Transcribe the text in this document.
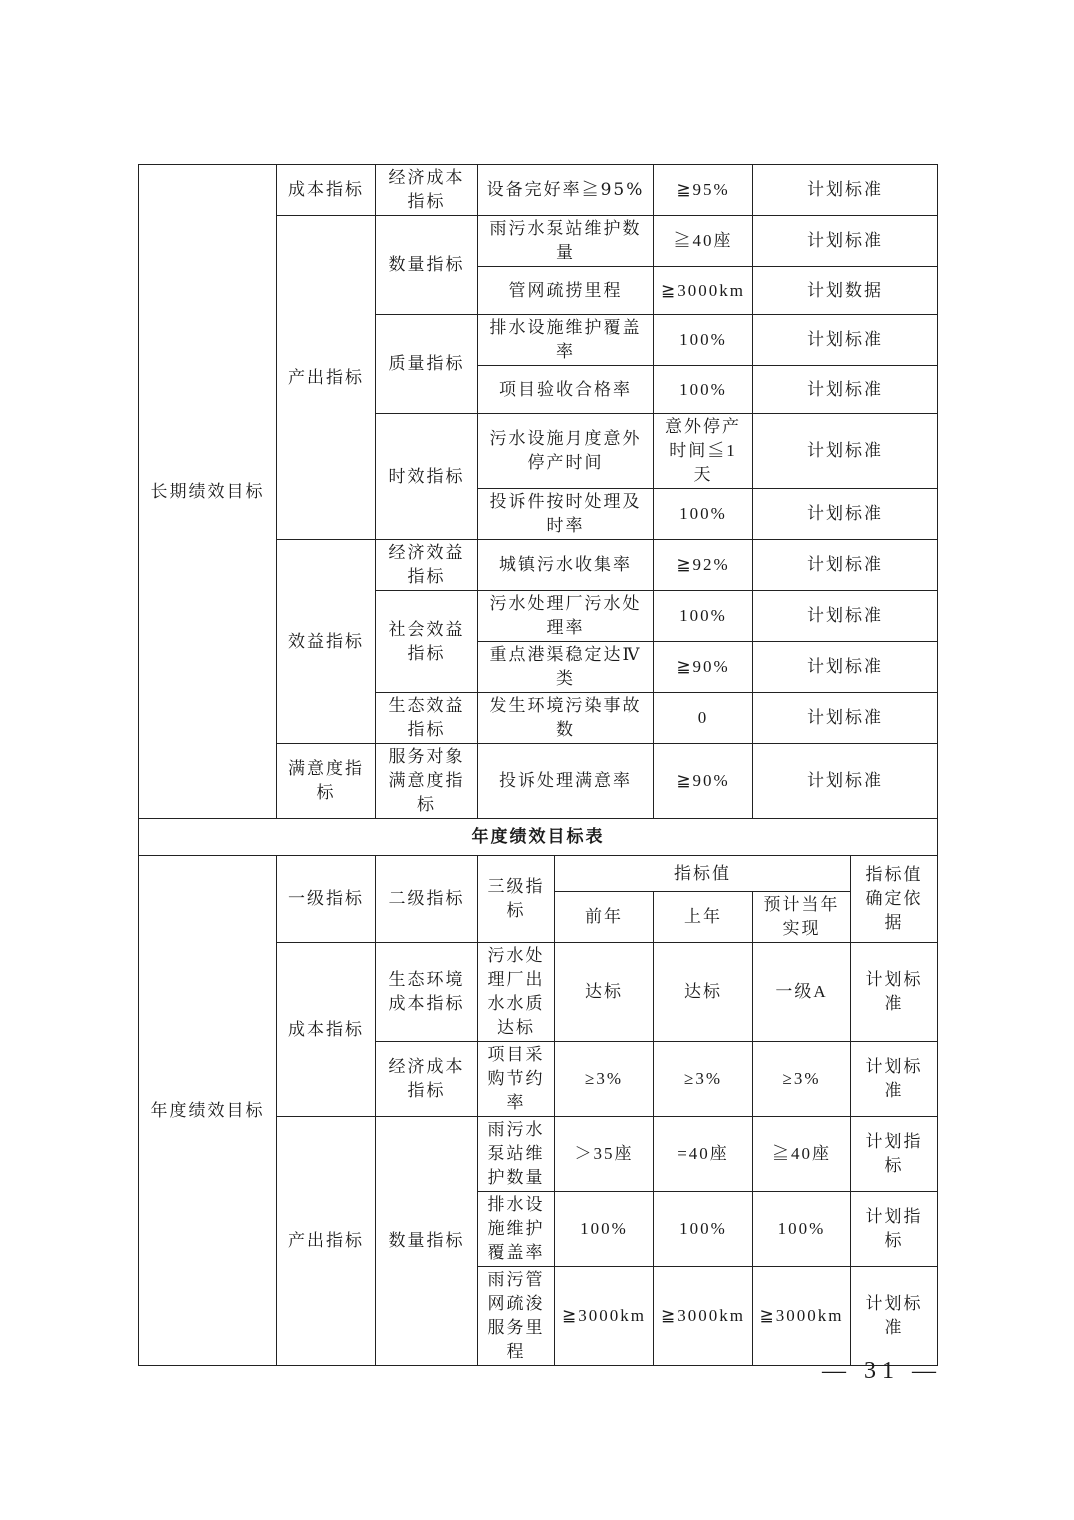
长期绩效目标	成本指标	经济成本指标	设备完好率≧95%		≧95%	计划标准	
	产出指标	数量指标	雨污水泵站维护数量		≧40座	计划标准	
			管网疏捞里程		≧3000km	计划数据	
		质量指标	排水设施维护覆盖率		100%	计划标准	
			项目验收合格率		100%	计划标准	
		时效指标	污水设施月度意外停产时间		意外停产时间≦1天	计划标准	
			投诉件按时处理及时率		100%	计划标准	
	效益指标	经济效益指标	城镇污水收集率		≧92%	计划标准	
		社会效益指标	污水处理厂污水处理率		100%	计划标准	
			重点港渠稳定达Ⅳ类		≧90%	计划标准	
		生态效益指标	发生环境污染事故数		0	计划标准	
	满意度指标	服务对象满意度指标	投诉处理满意率		≧90%	计划标准	
年度绩效目标表							
年度绩效目标	一级指标	二级指标	三级指标	指标值			指标值确定依据
				前年	上年	预计当年实现	
	成本指标	生态环境成本指标	污水处理厂出水水质达标	达标	达标	一级A	计划标准
		经济成本指标	项目采购节约率	≥3%	≥3%	≥3%	计划标准
	产出指标	数量指标	雨污水泵站维护数量	＞35座	=40座	≧40座	计划指标
			排水设施维护覆盖率	100%	100%	100%	计划指标
			雨污管网疏浚服务里程	≧3000km	≧3000km	≧3000km	计划标准
— 31 —
